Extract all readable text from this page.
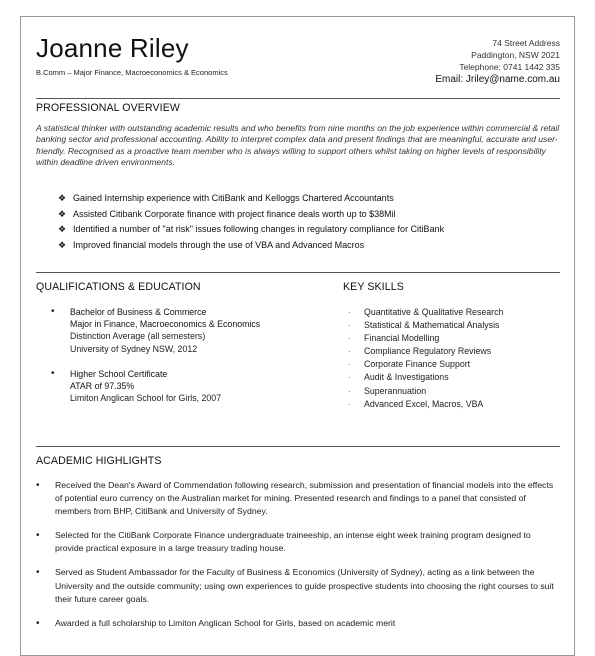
Joanne Riley
B.Comm – Major Finance, Macroeconomics & Economics
74 Street Address
Paddington, NSW 2021
Telephone: 0741 1442 335
Email: Jriley@name.com.au
PROFESSIONAL OVERVIEW
A statistical thinker with outstanding academic results and who benefits from nine months on the job experience within commercial & retail banking sector and professional accounting. Ability to interpret complex data and present findings that are meaningful, accurate and user-friendly. Recognised as a proactive team member who is always willing to support others whilst taking on higher levels of responsibility within deadline driven environments.
❖ Gained Internship experience with CitiBank and Kelloggs Chartered Accountants
❖ Assisted Citibank Corporate finance with project finance deals worth up to $38Mil
❖ Identified a number of "at risk" issues following changes in regulatory compliance for CitiBank
❖ Improved financial models through the use of VBA and Advanced Macros
QUALIFICATIONS & EDUCATION	KEY SKILLS
• Bachelor of Business & Commerce
Major in Finance, Macroeconomics & Economics
Distinction Average (all semesters)
University of Sydney NSW, 2012
• Higher School Certificate
ATAR of 97.35%
Limiton Anglican School for Girls, 2007
· Quantitative & Qualitative Research
· Statistical & Mathematical Analysis
· Financial Modelling
· Compliance Regulatory Reviews
· Corporate Finance Support
· Audit & Investigations
· Superannuation
· Advanced Excel, Macros, VBA
ACADEMIC HIGHLIGHTS
• Received the Dean's Award of Commendation following research, submission and presentation of financial models into the effects of potential euro currency on the Australian market for mining. Presented research and findings to a panel that consisted of members from BHP, CitiBank and University of Sydney.
• Selected for the CitiBank Corporate Finance undergraduate traineeship, an intense eight week training program designed to provide practical exposure in a large treasury trading house.
• Served as Student Ambassador for the Faculty of Business & Economics (University of Sydney), acting as a link between the University and the outside community; using own experiences to guide prospective students into choosing the right courses to suit their future career goals.
• Awarded a full scholarship to Limiton Anglican School for Girls, based on academic merit
